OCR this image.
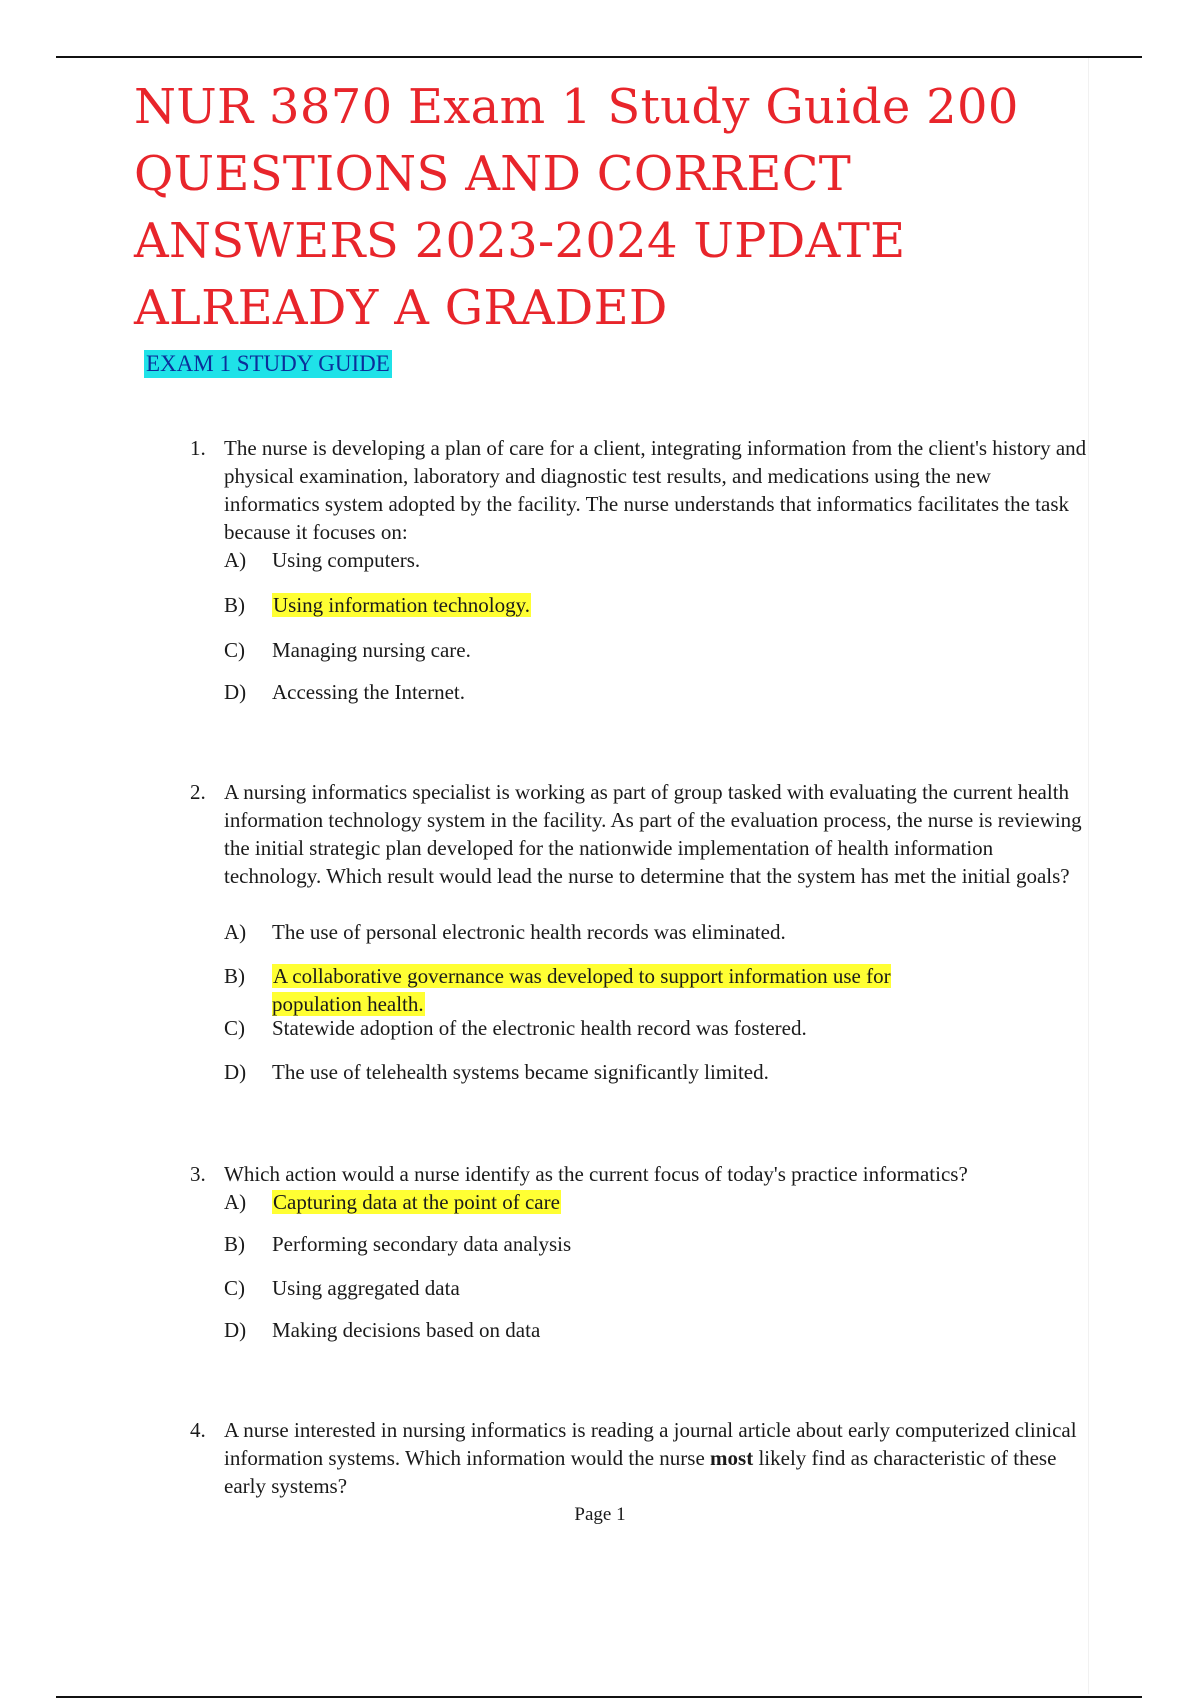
NUR 3870 Exam 1 Study Guide 200 QUESTIONS AND CORRECT ANSWERS 2023-2024 UPDATE ALREADY A GRADED
EXAM 1 STUDY GUIDE
1. The nurse is developing a plan of care for a client, integrating information from the client's history and physical examination, laboratory and diagnostic test results, and medications using the new informatics system adopted by the facility. The nurse understands that informatics facilitates the task because it focuses on:
A)	Using computers.
B)	Using information technology.
C)	Managing nursing care.
D)	Accessing the Internet.
2. A nursing informatics specialist is working as part of group tasked with evaluating the current health information technology system in the facility. As part of the evaluation process, the nurse is reviewing the initial strategic plan developed for the nationwide implementation of health information technology. Which result would lead the nurse to determine that the system has met the initial goals?
A)	The use of personal electronic health records was eliminated.
B)	A collaborative governance was developed to support information use for population health.
C)	Statewide adoption of the electronic health record was fostered.
D)	The use of telehealth systems became significantly limited.
3. Which action would a nurse identify as the current focus of today's practice informatics?
A)	Capturing data at the point of care
B)	Performing secondary data analysis
C)	Using aggregated data
D)	Making decisions based on data
4. A nurse interested in nursing informatics is reading a journal article about early computerized clinical information systems. Which information would the nurse most likely find as characteristic of these early systems?
Page 1
